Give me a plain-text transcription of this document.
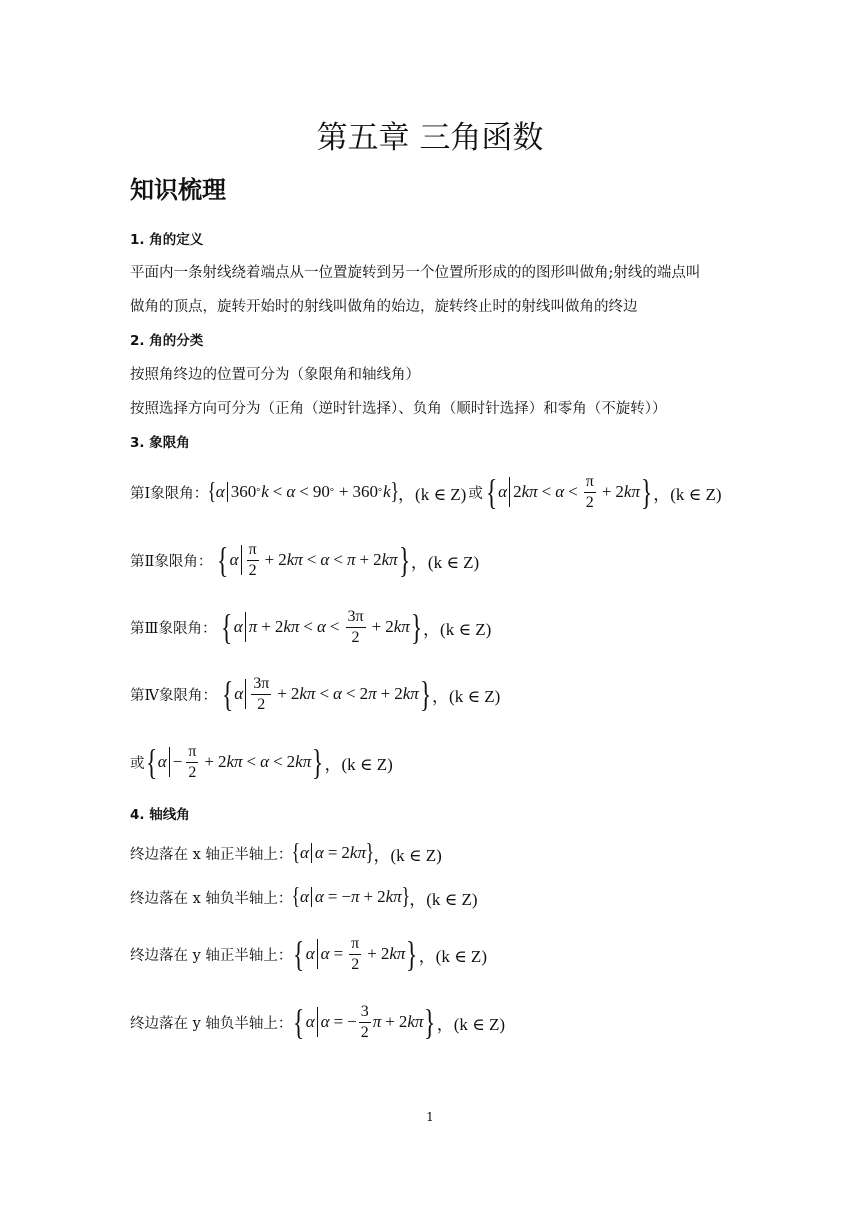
第五章 三角函数
知识梳理
1. 角的定义
平面内一条射线绕着端点从一位置旋转到另一个位置所形成的的图形叫做角;射线的端点叫
做角的顶点，旋转开始时的射线叫做角的始边，旋转终止时的射线叫做角的终边
2. 角的分类
按照角终边的位置可分为（象限角和轴线角）
按照选择方向可分为（正角（逆时针选择）、负角（顺时针选择）和零角（不旋转））
3. 象限角
第Ⅰ象限角： { α 360 ° k < α < 90 ° + 360 ° k } ，(k ∈ Z) 或 { α 2 $k\pi < \alpha < \frac{\pi}{2} + 2$ kπ } ，(k ∈ Z)
第Ⅱ象限角： { α $\frac{\pi}{2} + 2$ kπ < α < π + 2 kπ } ，(k ∈ Z)
第Ⅲ象限角： { α π + 2 $k\pi < \alpha < \frac{3\pi}{2} + 2$ kπ } ，(k ∈ Z)
第Ⅳ象限角： { α $\frac{3\pi}{2} + 2$ kπ < α < 2 π + 2 kπ } ，(k ∈ Z)
或 { $\alpha - \frac{\pi}{2} + 2$ kπ < α < 2 kπ } ，(k ∈ Z)
4. 轴线角
终边落在 x 轴正半轴上： { α α = 2 kπ } ，(k ∈ Z)
终边落在 x 轴负半轴上： { α α = − π + 2 kπ } ，(k ∈ Z)
终边落在 y 轴正半轴上： { α $\alpha = \frac{\pi}{2} + 2$ kπ } ，(k ∈ Z)
终边落在 y 轴负半轴上： { α α = − $\frac{3}{2}$ π + 2 kπ } ，(k ∈ Z)
1
